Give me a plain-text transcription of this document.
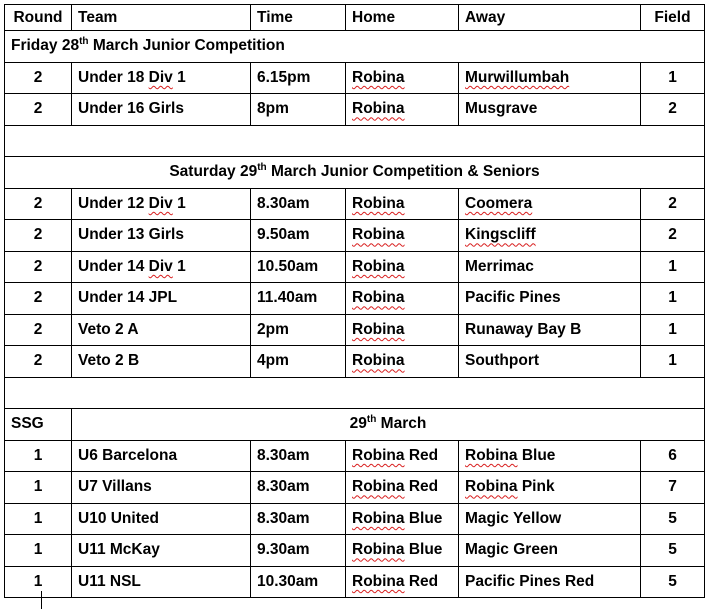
Round	Team	Time	Home	Away	Field
Friday 28th March Junior Competition					
2	Under 18 Div 1	6.15pm	Robina	Murwillumbah	1
2	Under 16 Girls	8pm	Robina	Musgrave	2

Saturday 29th March Junior Competition & Seniors					
2	Under 12 Div 1	8.30am	Robina	Coomera	2
2	Under 13 Girls	9.50am	Robina	Kingscliff	2
2	Under 14 Div 1	10.50am	Robina	Merrimac	1
2	Under 14 JPL	11.40am	Robina	Pacific Pines	1
2	Veto 2 A	2pm	Robina	Runaway Bay B	1
2	Veto 2 B	4pm	Robina	Southport	1

SSG	29th March				
1	U6 Barcelona	8.30am	Robina Red	Robina Blue	6
1	U7 Villans	8.30am	Robina Red	Robina Pink	7
1	U10 United	8.30am	Robina Blue	Magic Yellow	5
1	U11 McKay	9.30am	Robina Blue	Magic Green	5
1	U11 NSL	10.30am	Robina Red	Pacific Pines Red	5
